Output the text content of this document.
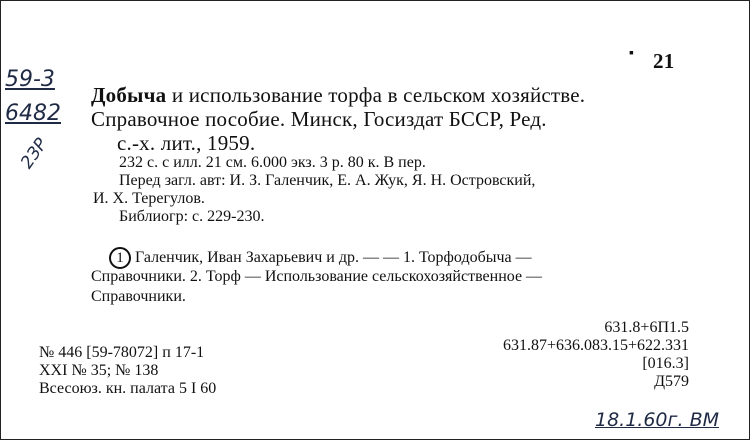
21
▪
59-3
6482
2ЗP
18.1.60г. BM
Добыча и использование торфа в сельском хозяйстве.
Справочное пособие. Минск, Госиздат БССР, Ред.
с.-х. лит., 1959.
232 с. с илл. 21 см. 6.000 экз. 3 р. 80 к. В пер.
Перед загл. авт: И. З. Галенчик, Е. А. Жук, Я. Н. Островский,
И. Х. Терегулов.
Библиогр: с. 229-230.
1 Галенчик, Иван Захарьевич и др. — — 1. Торфодобыча —
Справочники. 2. Торф — Использование сельскохозяйственное —
Справочники.
631.8+6П1.5
631.87+636.083.15+622.331
[016.3]
Д579
№ 446 [59-78072] п 17-1
XXI № 35; № 138
Всесоюз. кн. палата 5 I 60
